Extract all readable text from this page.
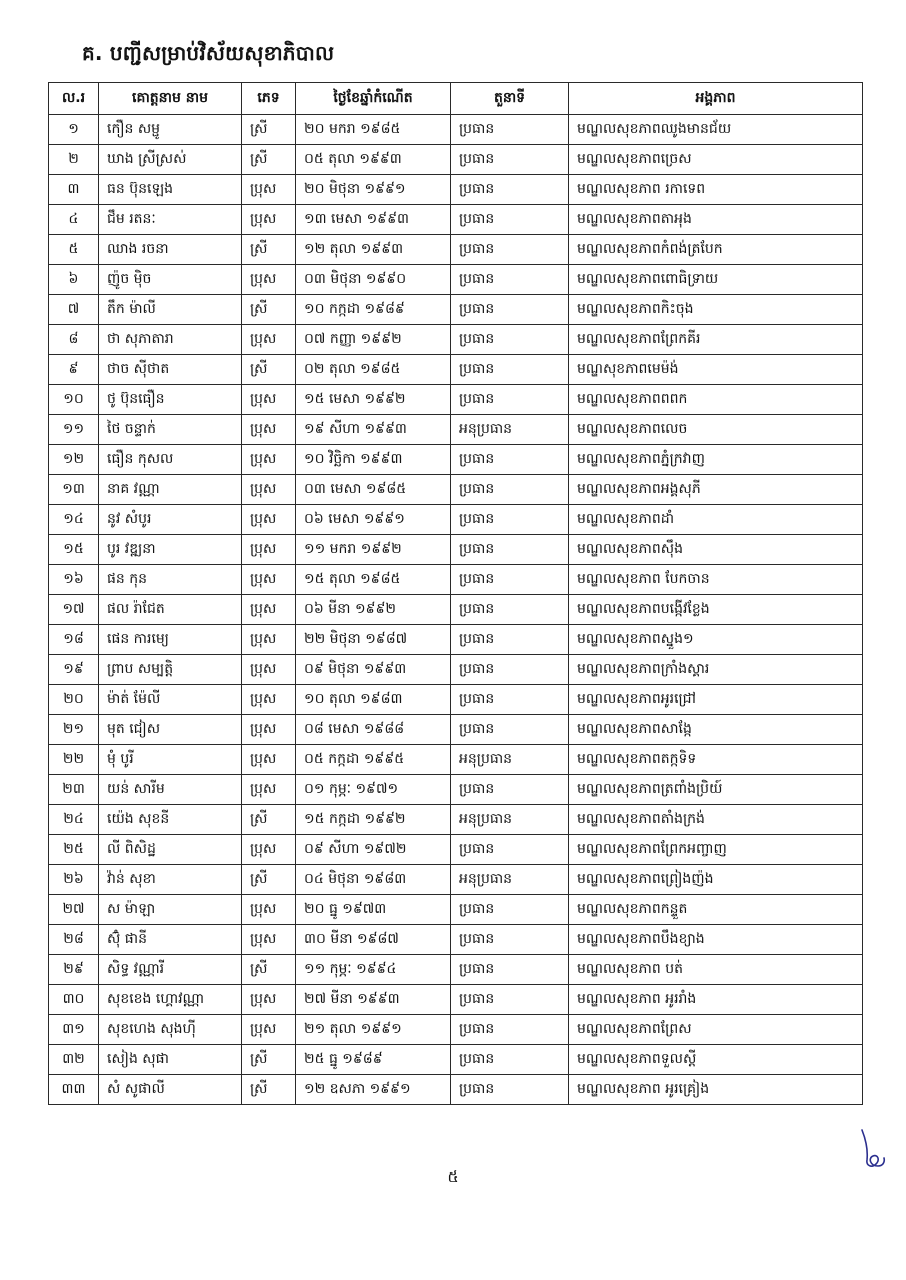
គ. បញ្ជីសម្រាប់វិស័យសុខាភិបាល
ល.រ	គោត្តនាម នាម	ភេទ	ថ្ងៃខែឆ្នាំកំណើត	តួនាទី	អង្គភាព
១	កឿន សម្ផូ	ស្រី	២០ មករា ១៩៨៥	ប្រធាន	មណ្ឌលសុខភាពឈូងមានជ័យ
២	ឃាង ស្រីស្រស់	ស្រី	០៥ តុលា ១៩៩៣	ប្រធាន	មណ្ឌលសុខភាពច្រេស
៣	ធន ប៊ុនឡេង	ប្រុស	២០ មិថុនា ១៩៩១	ប្រធាន	មណ្ឌលសុខភាព រកាទេព
៤	ជឹម រតនៈ	ប្រុស	១៣ មេសា ១៩៩៣	ប្រធាន	មណ្ឌលសុខភាពតាអុង
៥	ឈាង រចនា	ស្រី	១២ តុលា ១៩៩៣	ប្រធាន	មណ្ឌលសុខភាពកំពង់ត្របែក
៦	ញ៉ូច ម៉ិច	ប្រុស	០៣ មិថុនា ១៩៩០	ប្រធាន	មណ្ឌលសុខភាពពោធិទ្រាយ
៧	តឹក ម៉ាលី	ស្រី	១០ កក្កដា ១៩៨៩	ប្រធាន	មណ្ឌលសុខភាពកិះចុង
៨	ថា សុភាតារា	ប្រុស	០៧ កញ្ញា ១៩៩២	ប្រធាន	មណ្ឌលសុខភាពព្រែកគីរ
៩	ថាច ស៊ីថាត	ស្រី	០២ តុលា ១៩៨៥	ប្រធាន	មណ្ឌសុខភាពមេម៉ង់
១០	ថូ ប៊ុនធឿន	ប្រុស	១៥ មេសា ១៩៩២	ប្រធាន	មណ្ឌលសុខភាពពពក
១១	ថៃ ចន្ទាក់	ប្រុស	១៩ សីហា ១៩៩៣	អនុប្រធាន	មណ្ឌលសុខភាពលេច
១២	ធឿន កុសល	ប្រុស	១០ វិច្ឆិកា ១៩៩៣	ប្រធាន	មណ្ឌលសុខភាពភ្នំក្រវាញ
១៣	នាគ វណ្ណា	ប្រុស	០៣ មេសា ១៩៨៥	ប្រធាន	មណ្ឌលសុខភាពអង្គសុភី
១៤	នូវ សំបូរ	ប្រុស	០៦ មេសា ១៩៩១	ប្រធាន	មណ្ឌលសុខភាពដាំ
១៥	បូរ វឌ្ឍនា	ប្រុស	១១ មករា ១៩៩២	ប្រធាន	មណ្ឌលសុខភាពស៊ឹង
១៦	ផន កុន	ប្រុស	១៥ តុលា ១៩៨៥	ប្រធាន	មណ្ឌលសុខភាព បែកចាន
១៧	ផល រ៉ាជែត	ប្រុស	០៦ មីនា ១៩៩២	ប្រធាន	មណ្ឌលសុខភាពបង្កើវខ្លែង
១៨	ផេន ការម្យេ	ប្រុស	២២ មិថុនា ១៩៨៧	ប្រធាន	មណ្ឌលសុខភាពស្នួង១
១៩	ព្រាប សម្បត្តិ	ប្រុស	០៩ មិថុនា ១៩៩៣	ប្រធាន	មណ្ឌលសុខភាពក្រាំងស្គារ
២០	ម៉ាត់ ម៉ែលី	ប្រុស	១០ តុលា ១៩៨៣	ប្រធាន	មណ្ឌលសុខភាពអូរជ្រៅ
២១	មុត ជៀស	ប្រុស	០៨ មេសា ១៩៨៨	ប្រធាន	មណ្ឌលសុខភាពសាង្កែ
២២	មុំ បូរី	ប្រុស	០៥ កក្កដា ១៩៩៥	អនុប្រធាន	មណ្ឌលសុខភាពតក្កទិទ
២៣	យន់ សារីម	ប្រុស	០១ កុម្ភៈ ១៩៧១	ប្រធាន	មណ្ឌលសុខភាពត្រពាំងប្រិយ៍
២៤	យ៉េង សុខនី	ស្រី	១៥ កក្កដា ១៩៩២	អនុប្រធាន	មណ្ឌលសុខភាពតាំងក្រង់
២៥	លី ពិសិដ្ឋ	ប្រុស	០៩ សីហា ១៩៧២	ប្រធាន	មណ្ឌលសុខភាពព្រែកអញ្ចាញ
២៦	វ៉ាន់ សុខា	ស្រី	០៤ មិថុនា ១៩៨៣	អនុប្រធាន	មណ្ឌលសុខភាពព្រៀងញ៉ង
២៧	ស ម៉ាឡា	ប្រុស	២០ ធ្នូ ១៩៧៣	ប្រធាន	មណ្ឌលសុខភាពកន្ទួត
២៨	ស៊ុំ ផានី	ប្រុស	៣០ មីនា ១៩៨៧	ប្រធាន	មណ្ឌលសុខភាពបឹងខ្យាង
២៩	សិទ្ធ វណ្ណារី	ស្រី	១១ កុម្ភៈ ១៩៩៤	ប្រធាន	មណ្ឌលសុខភាព បត់
៣០	សុខខេង ហ្គោវណ្ណា	ប្រុស	២៧ មីនា ១៩៩៣	ប្រធាន	មណ្ឌលសុខភាព អូររាំង
៣១	សុខហេង សុងហ៊ី	ប្រុស	២១ តុលា ១៩៩១	ប្រធាន	មណ្ឌលសុខភាពព្រែស
៣២	សៀង សុផា	ស្រី	២៥ ធ្នូ ១៩៨៩	ប្រធាន	មណ្ឌលសុខភាពទួលស្តី
៣៣	សំ សូផាលី	ស្រី	១២ ឧសភា ១៩៩១	ប្រធាន	មណ្ឌលសុខភាព អូរគ្រៀង
៥
